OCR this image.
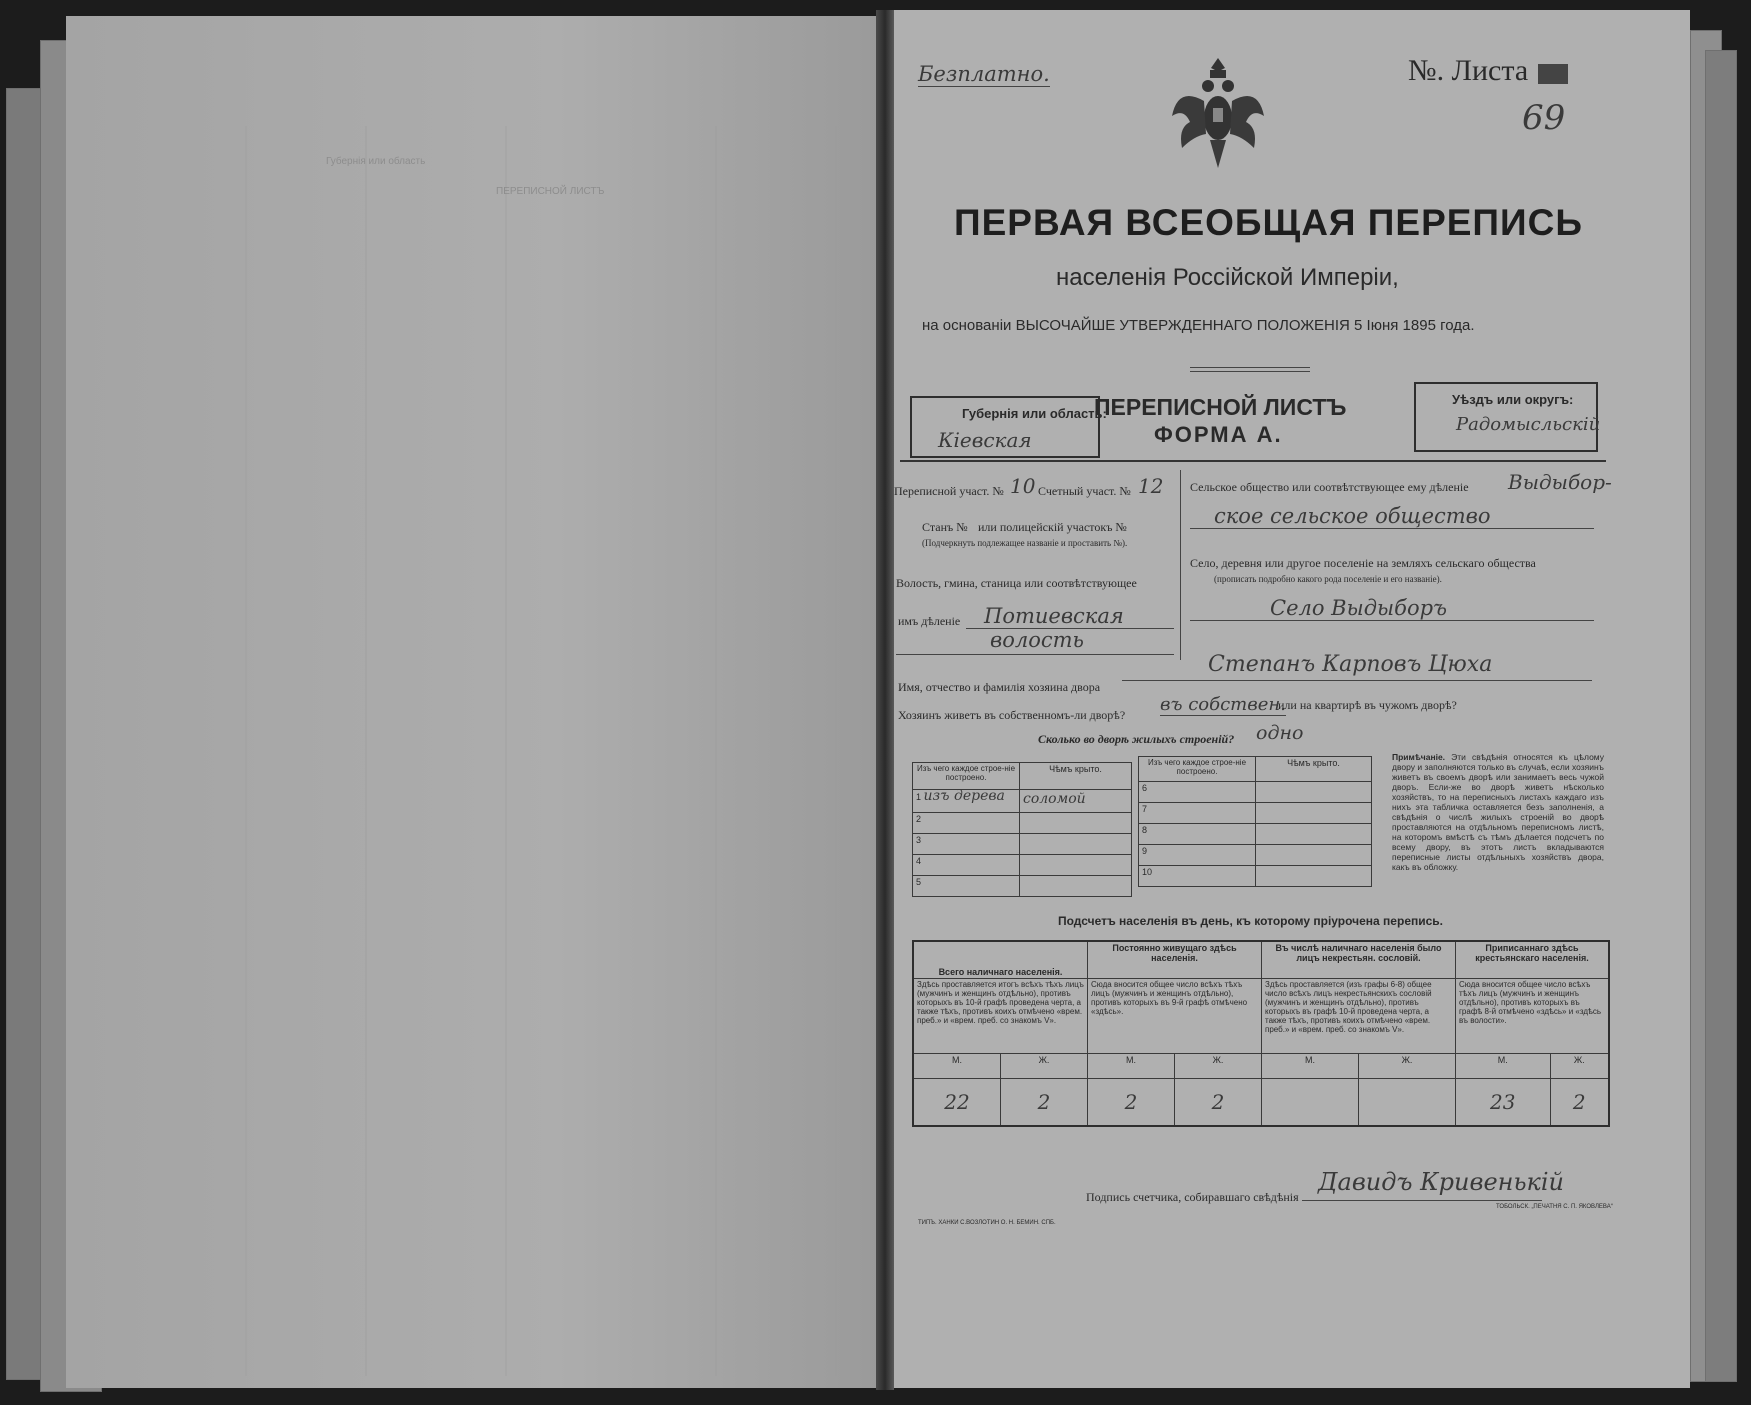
Губернія или область
ПЕРЕПИСНОЙ ЛИСТЪ
Безплатно.	№. Листа
69
ПЕРВАЯ ВСЕОБЩАЯ ПЕРЕПИСЬ
населенія Россійской Имперіи,
на основаніи ВЫСОЧАЙШЕ УТВЕРЖДЕННАГО ПОЛОЖЕНІЯ 5 Іюня 1895 года.
Губернія или область:
Кіевская
ПЕРЕПИСНОЙ ЛИСТЪ
ФОРМА А.
Уѣздъ или округъ:
Радомысльскій
Переписной участ. № 10 Счетный участ. № 12
Станъ № или полицейскій участокъ №
(Подчеркнуть подлежащее названіе и проставить №).
Волость, гмина, станица или соотвѣтствующее
имъ дѣленіе Потиевская
волость
Сельское общество или соотвѣтствующее ему дѣленіе Выдыбор-
ское сельское общество
Село, деревня или другое поселеніе на земляхъ сельскаго общества
(прописать подробно какого рода поселеніе и его названіе).
Село Выдыборъ
Имя, отчество и фамилія хозяина двора
Степанъ Карповъ Цюха
Хозяинъ живетъ въ собственномъ-ли дворѣ? въ собствен.
или на квартирѣ въ чужомъ дворѣ?
Сколько во дворѣ жилыхъ строеній? одно
Изъ чего каждое строе-ніе построено.	Чѣмъ крыто.
1 изъ дерева	соломой
2	
3	
4	
5	
Изъ чего каждое строе-ніе построено.	Чѣмъ крыто.
6	
7	
8	
9	
10	
Примѣчаніе. Эти свѣдѣнія относятся къ цѣлому двору и заполняются только въ случаѣ, если хозяинъ живетъ въ своемъ дворѣ или занимаетъ весь чужой дворъ. Если-же во дворѣ живетъ нѣсколько хозяйствъ, то на переписныхъ листахъ каждаго изъ нихъ эта табличка оставляется безъ заполненія, а свѣдѣнія о числѣ жилыхъ строеній во дворѣ проставляются на отдѣльномъ переписномъ листѣ, на которомъ вмѣстѣ съ тѣмъ дѣлается подсчетъ по всему двору, въ этотъ листъ вкладываются переписные листы отдѣльныхъ хозяйствъ двора, какъ въ обложку.
Подсчетъ населенія въ день, къ которому пріурочена перепись.
Всего наличнаго населенія.		Постоянно живущаго здѣсь населенія.		Въ числѣ наличнаго населенія было лицъ некрестьян. сословій.		Приписаннаго здѣсь крестьянскаго населенія.	
Здѣсь проставляется итогъ всѣхъ тѣхъ лицъ (мужчинъ и женщинъ отдѣльно), противъ которыхъ въ 10-й графѣ проведена черта, а также тѣхъ, противъ коихъ отмѣчено «врем. преб.» и «врем. преб. со знакомъ V».		Сюда вносится общее число всѣхъ тѣхъ лицъ (мужчинъ и женщинъ отдѣльно), противъ которыхъ въ 9-й графѣ отмѣчено «здѣсь».		Здѣсь проставляется (изъ графы 6-8) общее число всѣхъ лицъ некрестьянскихъ сословій (мужчинъ и женщинъ отдѣльно), противъ которыхъ въ графѣ 10-й проведена черта, а также тѣхъ, противъ коихъ отмѣчено «врем. преб.» и «врем. преб. со знакомъ V».		Сюда вносится общее число всѣхъ тѣхъ лицъ (мужчинъ и женщинъ отдѣльно), противъ которыхъ въ графѣ 8-й отмѣчено «здѣсь» и «здѣсь въ волости».	
М.	Ж.	М.	Ж.	М.	Ж.	М.	Ж.
22	2	2	2			23	2
Подпись счетчика, собиравшаго свѣдѣнія
Давидъ Кривенькій
ТИПЪ. ХАНКИ С.ВОЗЛОТИН О. Н. БЕМИН. СПБ.
ТОБОЛЬСК. „ПЕЧАТНЯ С. П. ЯКОВЛЕВА“
